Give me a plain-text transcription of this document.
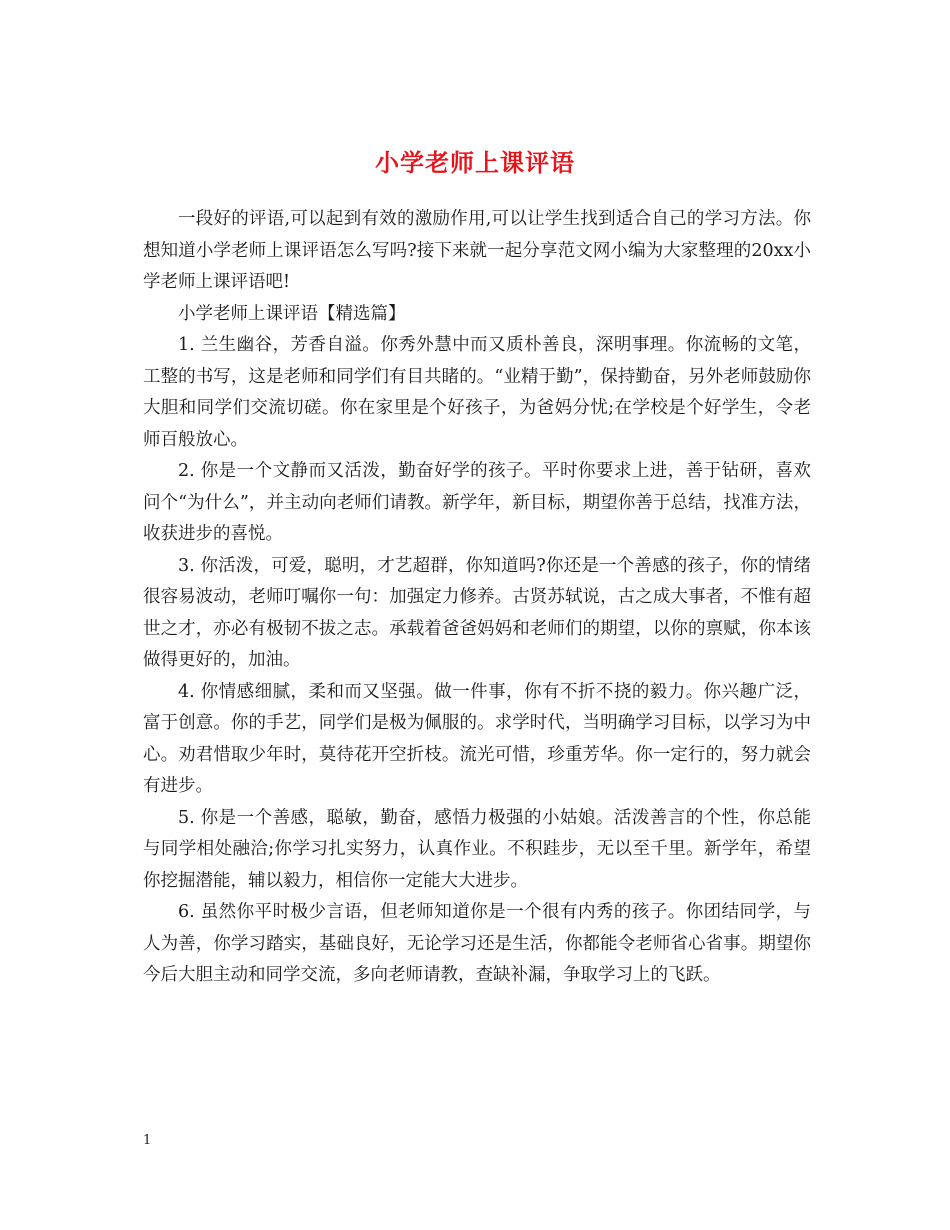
小学老师上课评语

一段好的评语,可以起到有效的激励作用,可以让学生找到适合自己的学习方法。你想知道小学老师上课评语怎么写吗?接下来就一起分享范文网小编为大家整理的20xx小学老师上课评语吧!

小学老师上课评语【精选篇】

1. 兰生幽谷，芳香自溢。你秀外慧中而又质朴善良，深明事理。你流畅的文笔，工整的书写，这是老师和同学们有目共睹的。“业精于勤”，保持勤奋，另外老师鼓励你大胆和同学们交流切磋。你在家里是个好孩子，为爸妈分忧;在学校是个好学生，令老师百般放心。

2. 你是一个文静而又活泼，勤奋好学的孩子。平时你要求上进，善于钻研，喜欢问个“为什么”，并主动向老师们请教。新学年，新目标，期望你善于总结，找准方法，收获进步的喜悦。

3. 你活泼，可爱，聪明，才艺超群，你知道吗?你还是一个善感的孩子，你的情绪很容易波动，老师叮嘱你一句：加强定力修养。古贤苏轼说，古之成大事者，不惟有超世之才，亦必有极韧不拔之志。承载着爸爸妈妈和老师们的期望，以你的禀赋，你本该做得更好的，加油。

4. 你情感细腻，柔和而又坚强。做一件事，你有不折不挠的毅力。你兴趣广泛，富于创意。你的手艺，同学们是极为佩服的。求学时代，当明确学习目标，以学习为中心。劝君惜取少年时，莫待花开空折枝。流光可惜，珍重芳华。你一定行的，努力就会有进步。

5. 你是一个善感，聪敏，勤奋，感悟力极强的小姑娘。活泼善言的个性，你总能与同学相处融洽;你学习扎实努力，认真作业。不积跬步，无以至千里。新学年，希望你挖掘潜能，辅以毅力，相信你一定能大大进步。

6. 虽然你平时极少言语，但老师知道你是一个很有内秀的孩子。你团结同学，与人为善，你学习踏实，基础良好，无论学习还是生活，你都能令老师省心省事。期望你今后大胆主动和同学交流，多向老师请教，查缺补漏，争取学习上的飞跃。

1
